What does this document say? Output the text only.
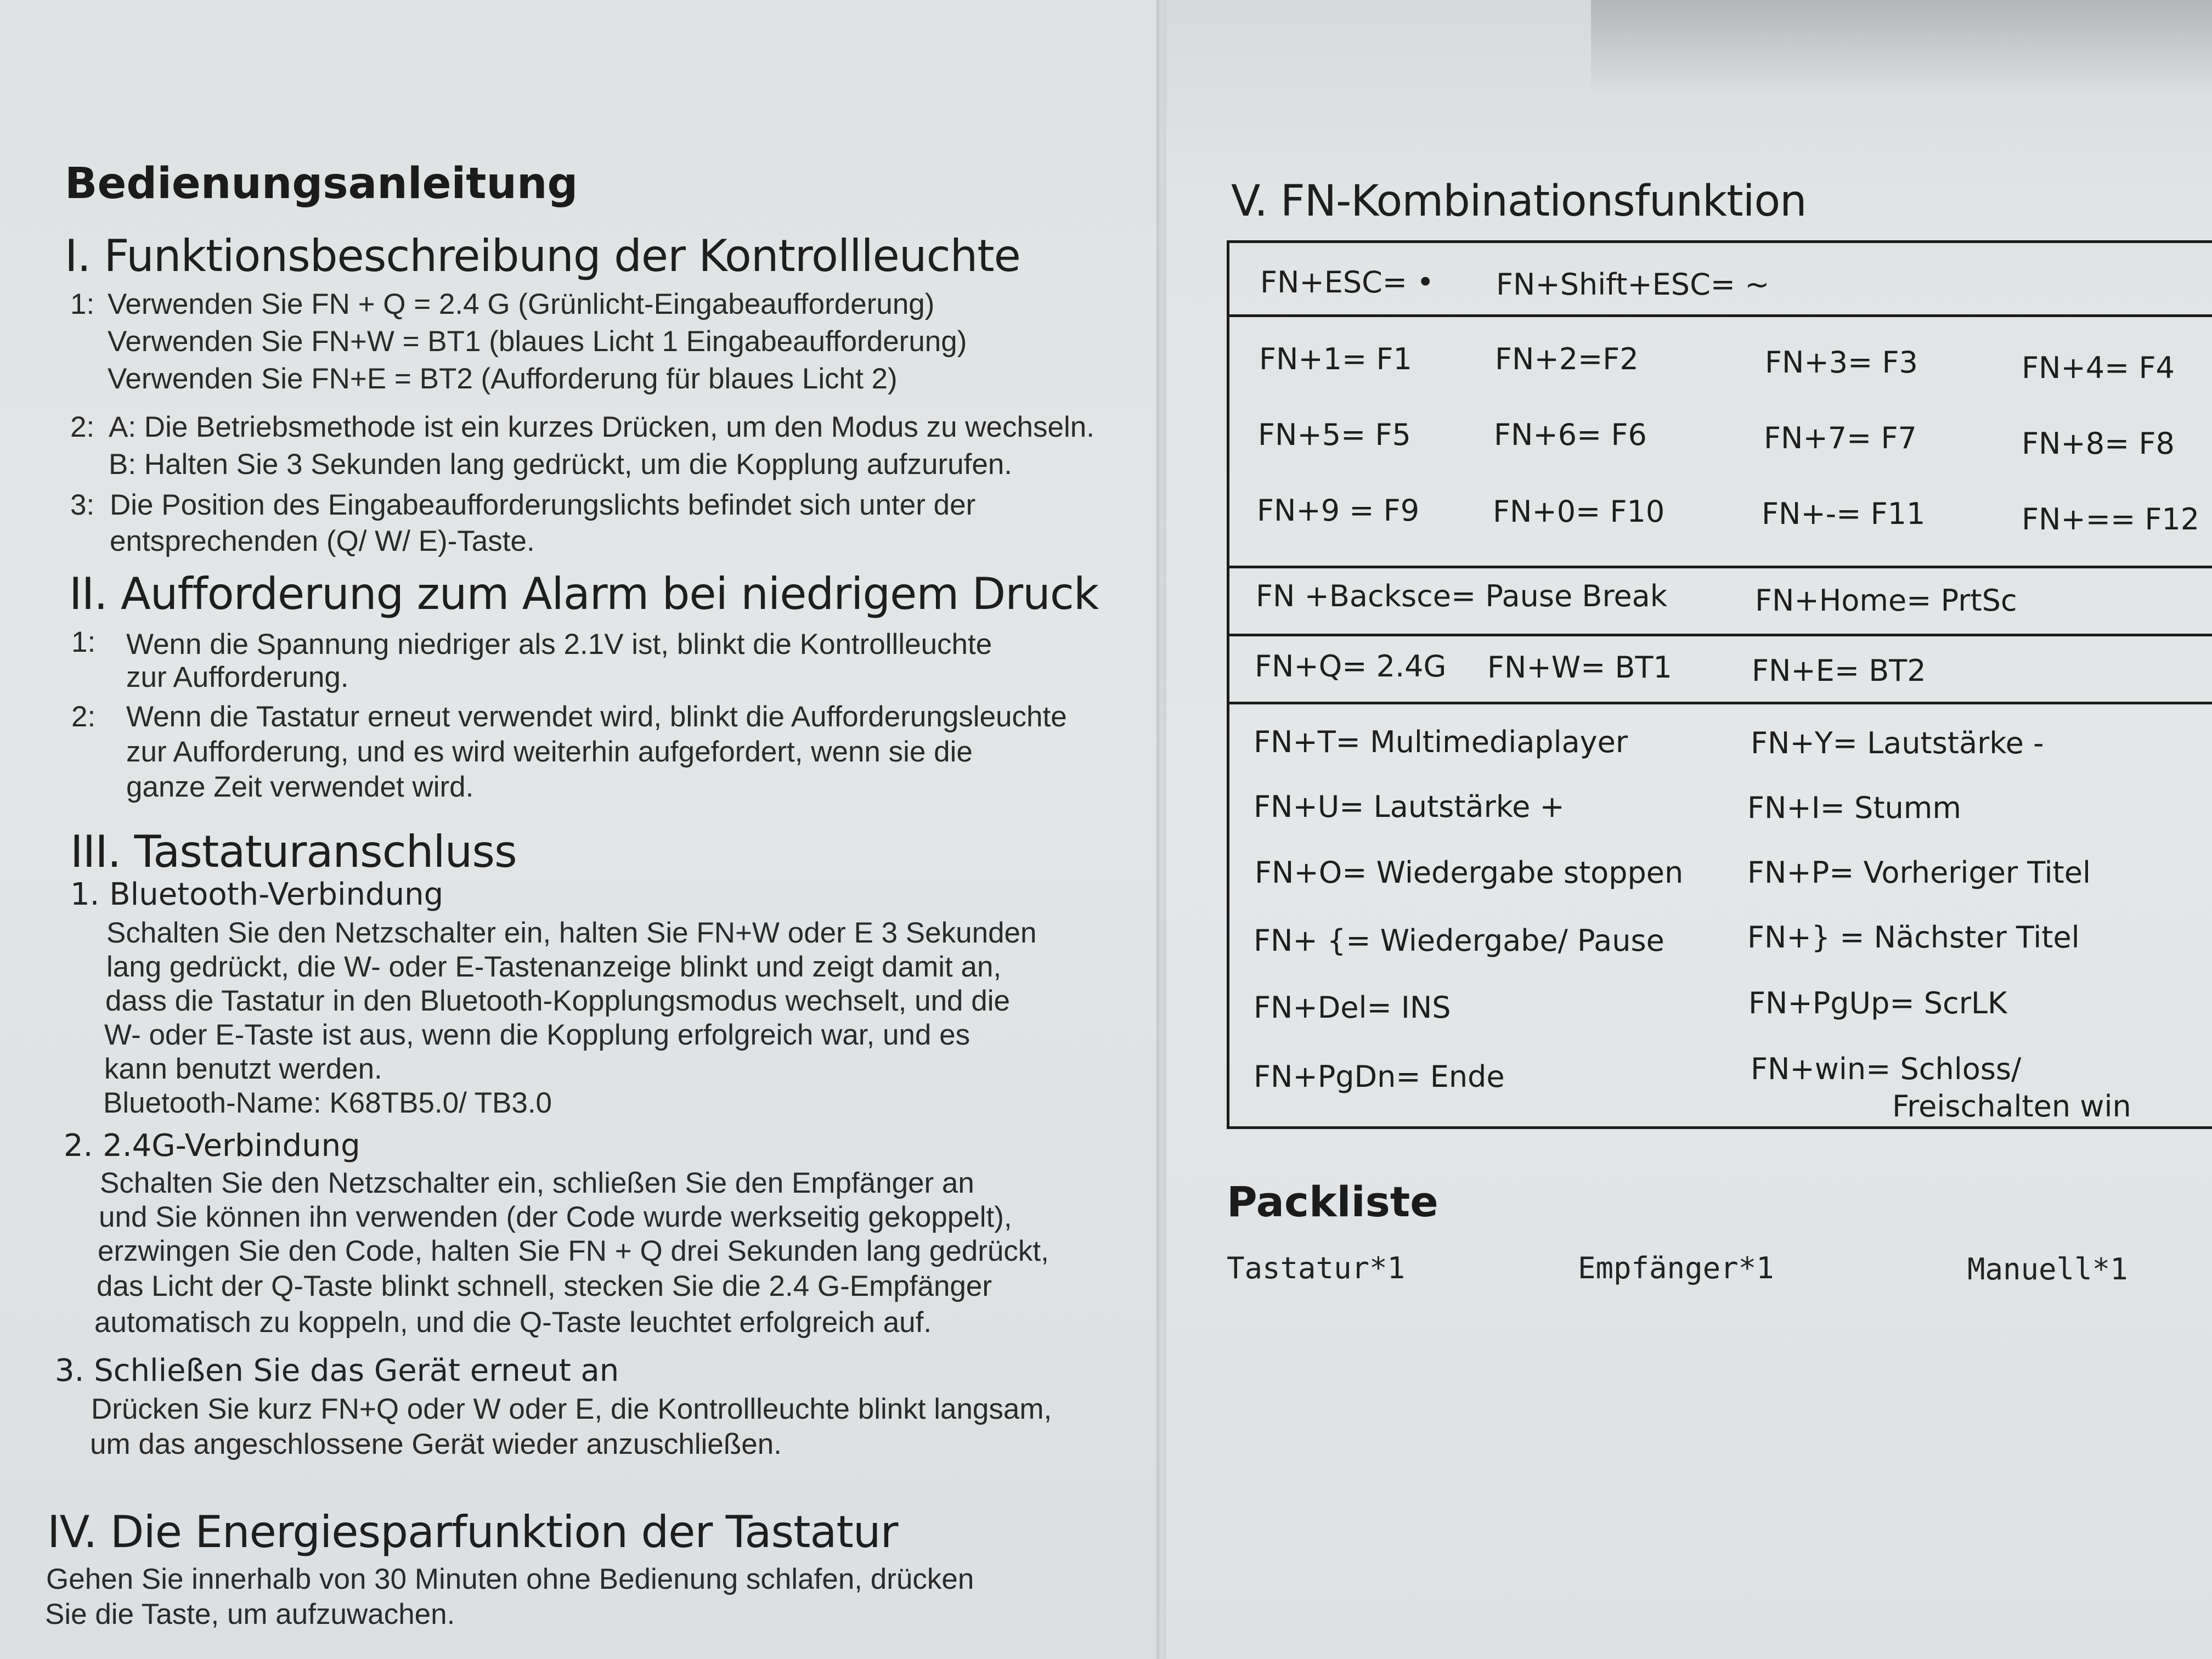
Bedienungsanleitung
I. Funktionsbeschreibung der Kontrollleuchte
1: Verwenden Sie FN + Q = 2.4 G (Grünlicht-Eingabeaufforderung)
Verwenden Sie FN+W = BT1 (blaues Licht 1 Eingabeaufforderung)
Verwenden Sie FN+E = BT2 (Aufforderung für blaues Licht 2)
2: A: Die Betriebsmethode ist ein kurzes Drücken, um den Modus zu wechseln.
B: Halten Sie 3 Sekunden lang gedrückt, um die Kopplung aufzurufen.
3: Die Position des Eingabeaufforderungslichts befindet sich unter der
entsprechenden (Q/ W/ E)-Taste.
II. Aufforderung zum Alarm bei niedrigem Druck
1: Wenn die Spannung niedriger als 2.1V ist, blinkt die Kontrollleuchte
zur Aufforderung.
2: Wenn die Tastatur erneut verwendet wird, blinkt die Aufforderungsleuchte
zur Aufforderung, und es wird weiterhin aufgefordert, wenn sie die
ganze Zeit verwendet wird.
III. Tastaturanschluss
1. Bluetooth-Verbindung
Schalten Sie den Netzschalter ein, halten Sie FN+W oder E 3 Sekunden
lang gedrückt, die W- oder E-Tastenanzeige blinkt und zeigt damit an,
dass die Tastatur in den Bluetooth-Kopplungsmodus wechselt, und die
W- oder E-Taste ist aus, wenn die Kopplung erfolgreich war, und es
kann benutzt werden.
Bluetooth-Name: K68TB5.0/ TB3.0
2. 2.4G-Verbindung
Schalten Sie den Netzschalter ein, schließen Sie den Empfänger an
und Sie können ihn verwenden (der Code wurde werkseitig gekoppelt),
erzwingen Sie den Code, halten Sie FN + Q drei Sekunden lang gedrückt,
das Licht der Q-Taste blinkt schnell, stecken Sie die 2.4 G-Empfänger
automatisch zu koppeln, und die Q-Taste leuchtet erfolgreich auf.
3. Schließen Sie das Gerät erneut an
Drücken Sie kurz FN+Q oder W oder E, die Kontrollleuchte blinkt langsam,
um das angeschlossene Gerät wieder anzuschließen.
IV. Die Energiesparfunktion der Tastatur
Gehen Sie innerhalb von 30 Minuten ohne Bedienung schlafen, drücken
Sie die Taste, um aufzuwachen.
V. FN-Kombinationsfunktion
FN+ESC= • FN+Shift+ESC= ~
FN+1= F1	FN+2=F2	FN+3= F3	FN+4= F4
FN+5= F5	FN+6= F6	FN+7= F7	FN+8= F8
FN+9 = F9 FN+0= F10	FN+-= F11	FN+== F12
FN +Backsce= Pause Break	FN+Home= PrtSc
FN+Q= 2.4G FN+W= BT1	FN+E= BT2
FN+T= Multimediaplayer	FN+Y= Lautstärke -
FN+U= Lautstärke +	FN+I= Stumm
FN+O= Wiedergabe stoppen FN+P= Vorheriger Titel
FN+ {= Wiedergabe/ Pause	FN+} = Nächster Titel
FN+Del= INS	FN+PgUp= ScrLK
FN+PgDn= Ende	FN+win= Schloss/
Freischalten win
Packliste
Tastatur*1	Empfänger*1	Manuell*1
